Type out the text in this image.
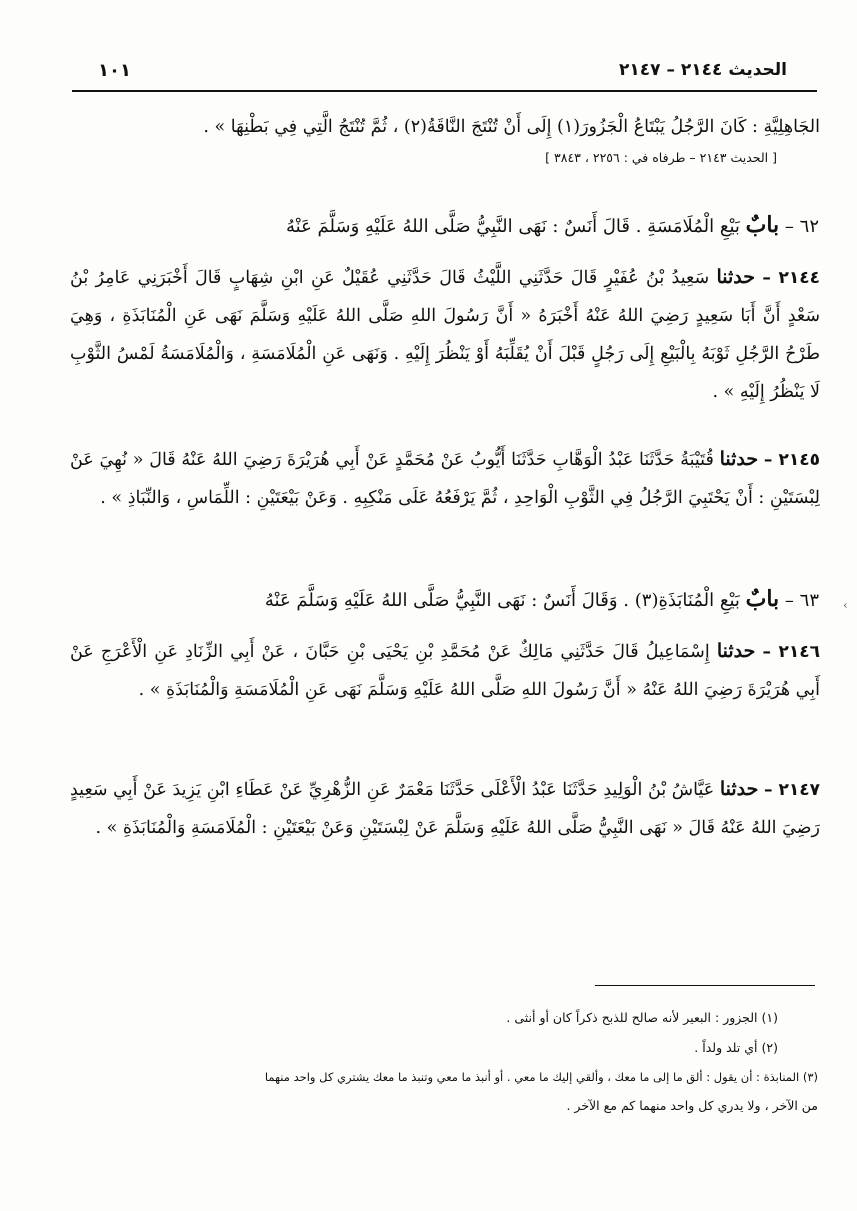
الحديث ٢١٤٤ – ٢١٤٧
١٠١
الجَاهِلِيَّةِ : كَانَ الرَّجُلُ يَبْتَاعُ الْجَزُورَ(١) إِلَى أَنْ تُنْتَجَ النَّاقَةُ(٢) ، ثُمَّ تُنْتَجُ الَّتِي فِي بَطْنِهَا » .
[ الحديث ٢١٤٣ – طرفاه في : ٢٢٥٦ ، ٣٨٤٣ ]
٦٢ – بابٌ بَيْعِ الْمُلَامَسَةِ . قَالَ أَنَسٌ : نَهَى النَّبِيُّ صَلَّى اللهُ عَلَيْهِ وَسَلَّمَ عَنْهُ
٢١٤٤ – حدثنا سَعِيدُ بْنُ عُفَيْرٍ قَالَ حَدَّثَنِي اللَّيْثُ قَالَ حَدَّثَنِي عُقَيْلٌ عَنِ ابْنِ شِهَابٍ قَالَ أَخْبَرَنِي عَامِرُ بْنُ سَعْدٍ أَنَّ أَبَا سَعِيدٍ رَضِيَ اللهُ عَنْهُ أَخْبَرَهُ « أَنَّ رَسُولَ اللهِ صَلَّى اللهُ عَلَيْهِ وَسَلَّمَ نَهَى عَنِ الْمُنَابَذَةِ ، وَهِيَ طَرْحُ الرَّجُلِ ثَوْبَهُ بِالْبَيْعِ إِلَى رَجُلٍ قَبْلَ أَنْ يُقَلِّبَهُ أَوْ يَنْظُرَ إِلَيْهِ . وَنَهَى عَنِ الْمُلَامَسَةِ ، وَالْمُلَامَسَةُ لَمْسُ الثَّوْبِ لَا يَنْظُرُ إِلَيْهِ » .
٢١٤٥ – حدثنا قُتَيْبَةُ حَدَّثَنَا عَبْدُ الْوَهَّابِ حَدَّثَنَا أَيُّوبُ عَنْ مُحَمَّدٍ عَنْ أَبِي هُرَيْرَةَ رَضِيَ اللهُ عَنْهُ قَالَ « نُهِيَ عَنْ لِبْسَتَيْنِ : أَنْ يَحْتَبِيَ الرَّجُلُ فِي الثَّوْبِ الْوَاحِدِ ، ثُمَّ يَرْفَعُهُ عَلَى مَنْكِبِهِ . وَعَنْ بَيْعَتَيْنِ : اللِّمَاسِ ، وَالنِّبَاذِ » .
٦٣ – بابٌ بَيْعِ الْمُنَابَذَةِ(٣) . وَقَالَ أَنَسٌ : نَهَى النَّبِيُّ صَلَّى اللهُ عَلَيْهِ وَسَلَّمَ عَنْهُ
٢١٤٦ – حدثنا إِسْمَاعِيلُ قَالَ حَدَّثَنِي مَالِكٌ عَنْ مُحَمَّدِ بْنِ يَحْيَى بْنِ حَبَّانَ ، عَنْ أَبِي الزِّنَادِ عَنِ الْأَعْرَجِ عَنْ أَبِي هُرَيْرَةَ رَضِيَ اللهُ عَنْهُ « أَنَّ رَسُولَ اللهِ صَلَّى اللهُ عَلَيْهِ وَسَلَّمَ نَهَى عَنِ الْمُلَامَسَةِ وَالْمُنَابَذَةِ » .
٢١٤٧ – حدثنا عَيَّاشُ بْنُ الْوَلِيدِ حَدَّثَنَا عَبْدُ الْأَعْلَى حَدَّثَنَا مَعْمَرٌ عَنِ الزُّهْرِيِّ عَنْ عَطَاءِ ابْنِ يَزِيدَ عَنْ أَبِي سَعِيدٍ رَضِيَ اللهُ عَنْهُ قَالَ « نَهَى النَّبِيُّ صَلَّى اللهُ عَلَيْهِ وَسَلَّمَ عَنْ لِبْسَتَيْنِ وَعَنْ بَيْعَتَيْنِ : الْمُلَامَسَةِ وَالْمُنَابَذَةِ » .
(١) الجزور : البعير لأنه صالح للذبح ذكراً كان أو أنثى .
(٢) أي تلد ولداً .
(٣) المنابذة : أن يقول : ألق ما إلى ما معك ، وألقي إليك ما معي . أو أنبذ ما معي وتنبذ ما معك يشتري كل واحد منهما
من الآخر ، ولا يدري كل واحد منهما كم مع الآخر .
‹
